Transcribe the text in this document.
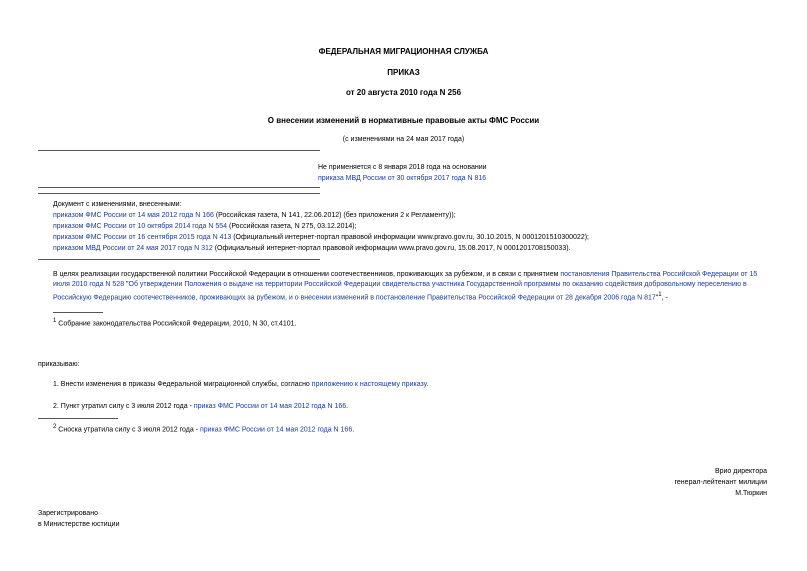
ФЕДЕРАЛЬНАЯ МИГРАЦИОННАЯ СЛУЖБА
ПРИКАЗ
от 20 августа 2010 года N 256
О внесении изменений в нормативные правовые акты ФМС России
(с изменениями на 24 мая 2017 года)
Не применяется с 8 января 2018 года на основании
приказа МВД России от 30 октября 2017 года N 816
Документ с изменениями, внесенными:
приказом ФМС России от 14 мая 2012 года N 166 (Российская газета, N 141, 22.06.2012) (без приложения 2 к Регламенту));
приказом ФМС России от 10 октября 2014 года N 554 (Российская газета, N 275, 03.12.2014);
приказом ФМС России от 16 сентября 2015 года N 413 (Официальный интернет-портал правовой информации www.pravo.gov.ru, 30.10.2015, N 0001201510300022);
приказом МВД России от 24 мая 2017 года N 312 (Официальный интернет-портал правовой информации www.pravo.gov.ru, 15.08.2017, N 0001201708150033).
В целях реализации государственной политики Российской Федерации в отношении соотечественников, проживающих за рубежом, и в связи с принятием постановления Правительства Российской Федерации от 15 июля 2010 года N 528 "Об утверждении Положения о выдаче на территории Российской Федерации свидетельства участника Государственной программы по оказанию содействия добровольному переселению в Российскую Федерацию соотечественников, проживающих за рубежом, и о внесении изменений в постановление Правительства Российской Федерации от 28 декабря 2006 года N 817"1, -
1 Собрание законодательства Российской Федерации, 2010, N 30, ст.4101.
приказываю:
1. Внести изменения в приказы Федеральной миграционной службы, согласно приложению к настоящему приказу.
2. Пункт утратил силу с 3 июля 2012 года - приказ ФМС России от 14 мая 2012 года N 166.
2 Сноска утратила силу с 3 июля 2012 года - приказ ФМС России от 14 мая 2012 года N 166.
Врио директора
генерал-лейтенант милиции
М.Тюркин
Зарегистрировано
в Министерстве юстиции
